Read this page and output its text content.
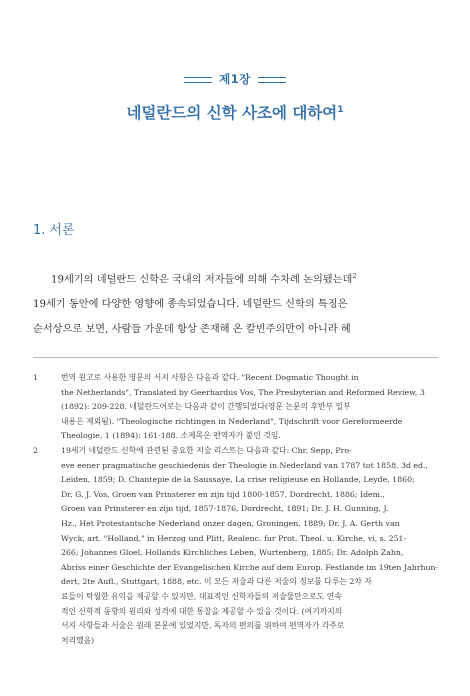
제1장
네덜란드의 신학 사조에 대하여$^1$
1. 서론
19세기의 네덜란드 신학은 국내의 저자들에 의해 수차례 논의됐는데$^2$
19세기 동안에 다양한 영향에 종속되었습니다. 네덜란드 신학의 특징은
순서상으로 보면, 사람들 가운데 항상 존재해 온 칼빈주의만이 아니라 혜
1	번역 원고로 사용한 영문의 서지 사항은 다음과 같다. "Recent Dogmatic Thought in
the Netherlands", Translated by Geerhardus Vos, The Presbyterian and Reformed Review, 3
(1892): 209-228. 네덜란드어로는 다음과 같이 간행되었다(영문 논문의 후반부 일부
내용은 제외됨). "Theologische richtingen in Nederland", Tijdschrift voor Gereformeerde
Theologie, 1 (1894): 161-188. 소제목은 편역자가 붙인 것임.
2	19세기 네덜란드 신학에 관련된 중요한 저술 리스트는 다음과 같다: Chr. Sepp, Pro-
eve eener pragmatische geschiedenis der Theologie in Nederland van 1787 tot 1858, 3d ed.,
Leiden, 1859; D. Chantepie de la Saussaye, La crise religieuse en Hollande, Leyde, 1860;
Dr. G. J. Vos, Groen van Prinsterer en zijn tijd 1800-1857, Dordrecht, 1886; Idem.,
Groen van Prinsterer en zijn tijd, 1857-1876, Dordrecht, 1891; Dr. J. H. Gunning, J.
Hz., Het Protestantsche Nederland onzer dagen, Groningen, 1889; Dr. J. A. Gerth van
Wyck, art. "Holland," in Herzog und Plitt, Realenc. fur Prot. Theol. u. Kirche, vi, s. 251-
266; Johannes Gloel, Hollands Kirchliches Leben, Wurtenberg, 1885; Dr. Adolph Zahn,
Abriss einer Geschichte der Evangelischen Kirche auf dem Europ. Festlande im 19ten Jahrhun-
dert, 2te Aufl., Stuttgart, 1888, etc. 이 모든 저술과 다른 저술의 정보를 다루는 2차 자
료들이 탁월한 유익을 제공할 수 있지만, 대표적인 신학자들의 저술물만으로도 연속
적인 신학적 동향의 원리와 성격에 대한 통찰을 제공할 수 있을 것이다. (여기까지의
서지 사항들과 서술은 원래 본문에 있었지만, 독자의 편의를 위하여 편역자가 각주로
처리했음)
